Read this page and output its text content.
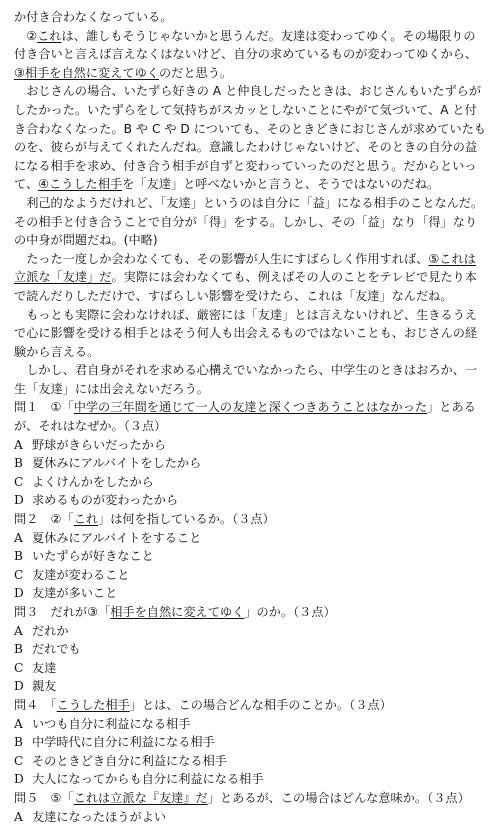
か付き合わなくなっている。

②これは、誰しもそうじゃないかと思うんだ。友達は変わってゆく。その場限りの付き合いと言えば言えなくはないけど、自分の求めているものが変わってゆくから、③相手を自然に変えてゆくのだと思う。

おじさんの場合、いたずら好きの A と仲良しだったときは、おじさんもいたずらがしたかった。いたずらをして気持ちがスカッとしないことにやがて気づいて、A と付き合わなくなった。B や C や D についても、そのときどきにおじさんが求めていたものを、彼らが与えてくれたんだね。意識したわけじゃないけど、そのときの自分の益になる相手を求め、付き合う相手が自ずと変わっていったのだと思う。だからといって、④こうした相手を「友達」と呼べないかと言うと、そうではないのだね。

利己的なようだけれど、「友達」というのは自分に「益」になる相手のことなんだ。その相手と付き合うことで自分が「得」をする。しかし、その「益」なり「得」なりの中身が問題だね。(中略)

たった一度しか会わなくても、その影響が人生にすばらしく作用すれば、⑤これは立派な「友達」だ。実際には会わなくても、例えばその人のことをテレビで見たり本で読んだりしただけで、すばらしい影響を受けたら、これは「友達」なんだね。

もっとも実際に会わなければ、厳密には「友達」とは言えないけれど、生きるうえで心に影響を受ける相手とはそう何人も出会えるものではないことも、おじさんの経験から言える。

しかし、君自身がそれを求める心構えでいなかったら、中学生のときはおろか、一生「友達」には出会えないだろう。

問１　①「中学の三年間を通じて一人の友達と深くつきあうことはなかった」とあるが、それはなぜか。（３点）

A 野球がきらいだったから
B 夏休みにアルバイトをしたから
C よくけんかをしたから
D 求めるものが変わったから

問２　②「これ」は何を指しているか。（３点）

A 夏休みにアルバイトをすること
B いたずらが好きなこと
C 友達が変わること
D 友達が多いこと

問３　だれが③「相手を自然に変えてゆく」のか。（３点）

A だれか
B だれでも
C 友達
D 親友

問４　「こうした相手」とは、この場合どんな相手のことか。（３点）

A いつも自分に利益になる相手
B 中学時代に自分に利益になる相手
C そのときどき自分に利益になる相手
D 大人になってからも自分に利益になる相手

問５　⑤「これは立派な『友達』だ」とあるが、この場合はどんな意味か。（３点）

A 友達になったほうがよい
